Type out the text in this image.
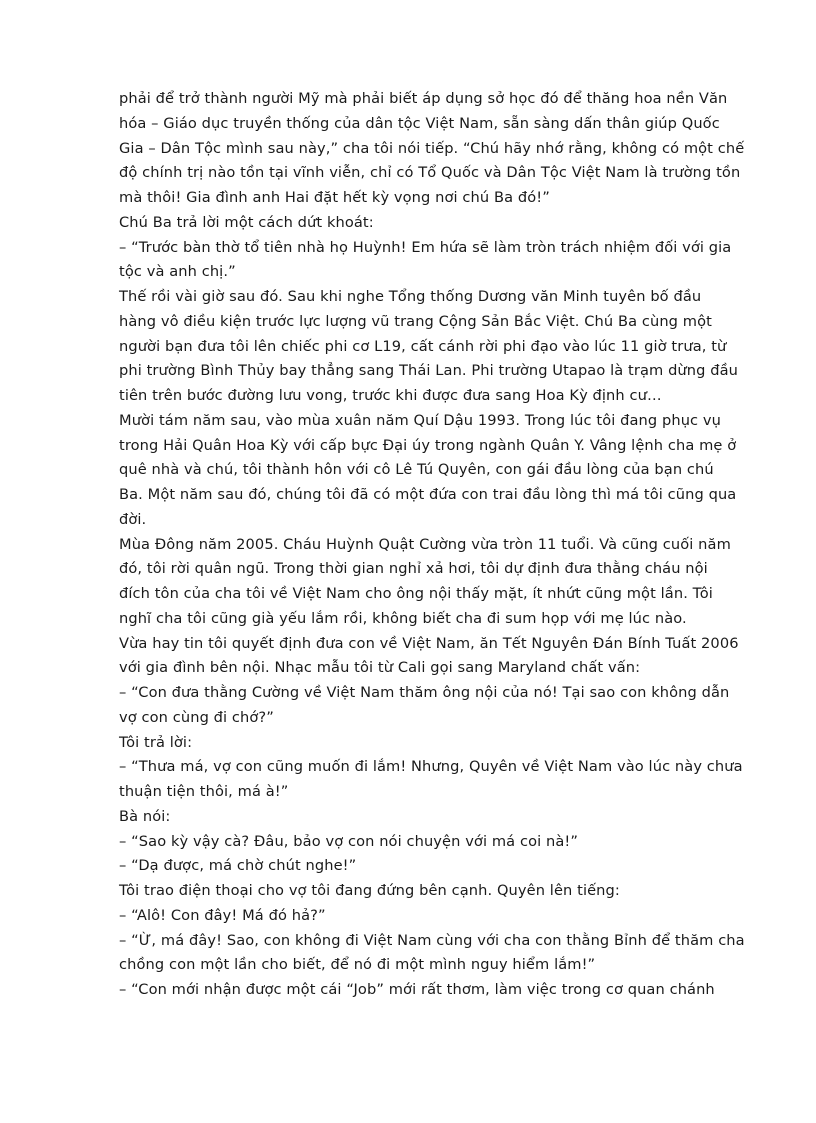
phải để trở thành người Mỹ mà phải biết áp dụng sở học đó để thăng hoa nền Văn
hóa – Giáo dục truyền thống của dân tộc Việt Nam, sẵn sàng dấn thân giúp Quốc
Gia – Dân Tộc mình sau này,” cha tôi nói tiếp. “Chú hãy nhớ rằng, không có một chế
độ chính trị nào tồn tại vĩnh viễn, chỉ có Tổ Quốc và Dân Tộc Việt Nam là trường tồn
mà thôi! Gia đình anh Hai đặt hết kỳ vọng nơi chú Ba đó!”
Chú Ba trả lời một cách dứt khoát:
– “Trước bàn thờ tổ tiên nhà họ Huỳnh! Em hứa sẽ làm tròn trách nhiệm đối với gia
tộc và anh chị.”
Thế rồi vài giờ sau đó. Sau khi nghe Tổng thống Dương văn Minh tuyên bố đầu
hàng vô điều kiện trước lực lượng vũ trang Cộng Sản Bắc Việt. Chú Ba cùng một
người bạn đưa tôi lên chiếc phi cơ L19, cất cánh rời phi đạo vào lúc 11 giờ trưa, từ
phi trường Bình Thủy bay thẳng sang Thái Lan. Phi trường Utapao là trạm dừng đầu
tiên trên bước đường lưu vong, trước khi được đưa sang Hoa Kỳ định cư…
Mười tám năm sau, vào mùa xuân năm Quí Dậu 1993. Trong lúc tôi đang phục vụ
trong Hải Quân Hoa Kỳ với cấp bực Đại úy trong ngành Quân Y. Vâng lệnh cha mẹ ở
quê nhà và chú, tôi thành hôn với cô Lê Tú Quyên, con gái đầu lòng của bạn chú
Ba. Một năm sau đó, chúng tôi đã có một đứa con trai đầu lòng thì má tôi cũng qua
đời.
Mùa Đông năm 2005. Cháu Huỳnh Quật Cường vừa tròn 11 tuổi. Và cũng cuối năm
đó, tôi rời quân ngũ. Trong thời gian nghỉ xả hơi, tôi dự định đưa thằng cháu nội
đích tôn của cha tôi về Việt Nam cho ông nội thấy mặt, ít nhứt cũng một lần. Tôi
nghĩ cha tôi cũng già yếu lắm rồi, không biết cha đi sum họp với mẹ lúc nào.
Vừa hay tin tôi quyết định đưa con về Việt Nam, ăn Tết Nguyên Đán Bính Tuất 2006
với gia đình bên nội. Nhạc mẫu tôi từ Cali gọi sang Maryland chất vấn:
– “Con đưa thằng Cường về Việt Nam thăm ông nội của nó! Tại sao con không dẫn
vợ con cùng đi chớ?”
Tôi trả lời:
– “Thưa má, vợ con cũng muốn đi lắm! Nhưng, Quyên về Việt Nam vào lúc này chưa
thuận tiện thôi, má à!”
Bà nói:
– “Sao kỳ vậy cà? Đâu, bảo vợ con nói chuyện với má coi nà!”
– “Dạ được, má chờ chút nghe!”
Tôi trao điện thoại cho vợ tôi đang đứng bên cạnh. Quyên lên tiếng:
– “Alô! Con đây! Má đó hả?”
– “Ừ, má đây! Sao, con không đi Việt Nam cùng với cha con thằng Bỉnh để thăm cha
chồng con một lần cho biết, để nó đi một mình nguy hiểm lắm!”
– “Con mới nhận được một cái “Job” mới rất thơm, làm việc trong cơ quan chánh
